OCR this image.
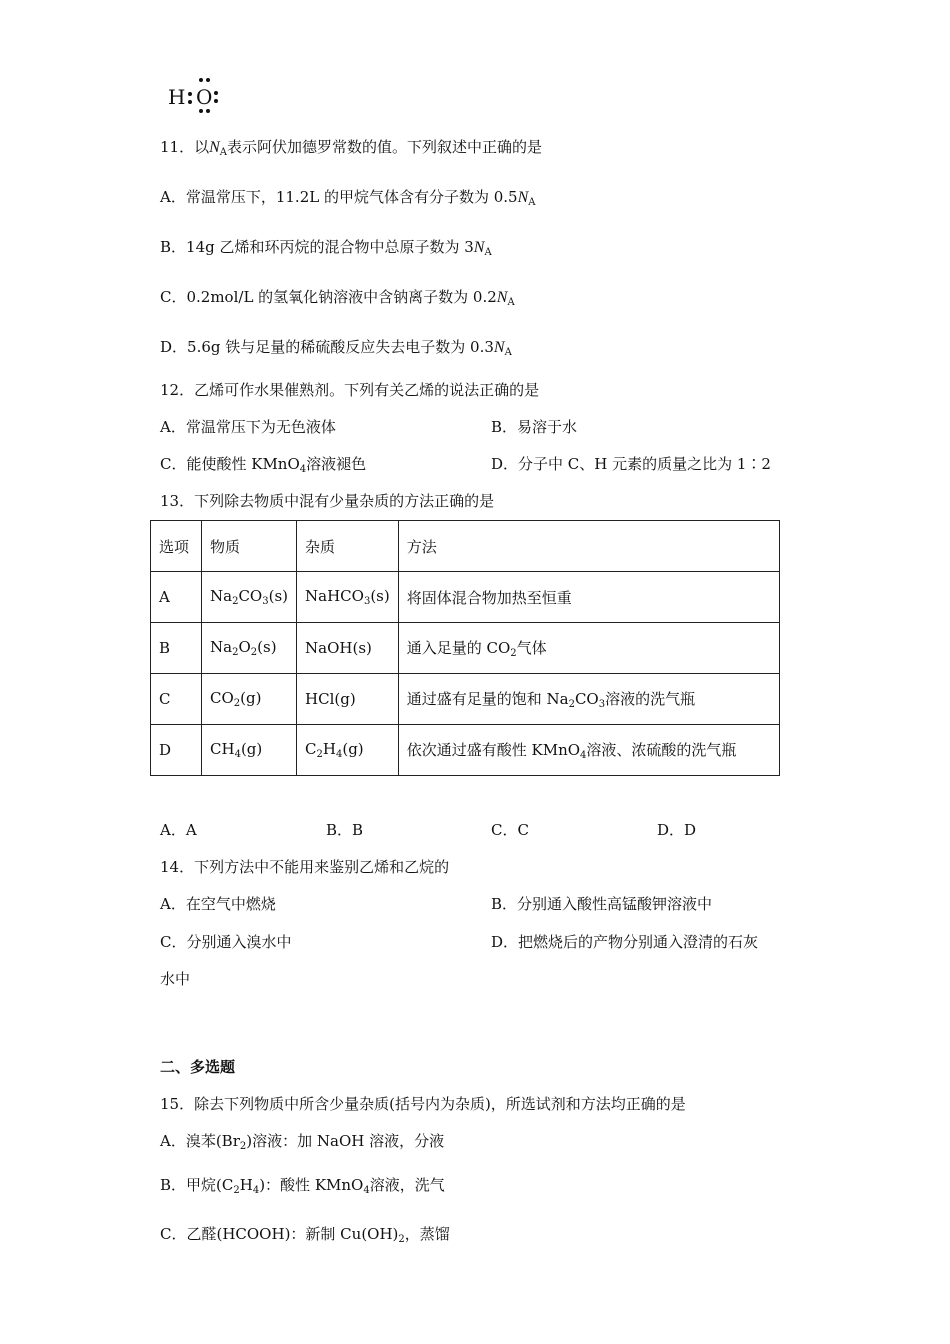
H O
11．以$N_A$表示阿伏加德罗常数的值。下列叙述中正确的是
A．常温常压下，11.2L 的甲烷气体含有分子数为 $0.5N_A$
B．14g 乙烯和环丙烷的混合物中总原子数为 $3N_A$
C．0.2mol/L 的氢氧化钠溶液中含钠离子数为 $0.2N_A$
D．5.6g 铁与足量的稀硫酸反应失去电子数为 $0.3N_A$
12．乙烯可作水果催熟剂。下列有关乙烯的说法正确的是
A．常温常压下为无色液体	B．易溶于水
C．能使酸性 KMnO$_4$溶液褪色	D．分子中 C、H 元素的质量之比为 1∶2
13．下列除去物质中混有少量杂质的方法正确的是
选项	物质	杂质	方法
A	$Na_2CO_3(s)$	NaHCO$_3$(s)	将固体混合物加热至恒重
B	$Na_2O_2(s)$	NaOH(s)	通入足量的 $CO_2$气体
C	$CO_2(g)$	HCl(g)	通过盛有足量的饱和 $Na_2CO_3$溶液的洗气瓶
D	$CH_4(g)$	$C_2H_4(g)$	依次通过盛有酸性 KMnO$_4$溶液、浓硫酸的洗气瓶
A．A	B．B	C．C	D．D
14．下列方法中不能用来鉴别乙烯和乙烷的
A．在空气中燃烧	B．分别通入酸性高锰酸钾溶液中
C．分别通入溴水中	D．把燃烧后的产物分别通入澄清的石灰
水中
二、多选题
15．除去下列物质中所含少量杂质(括号内为杂质)，所选试剂和方法均正确的是
A．溴苯$(Br_2)$溶液：加 NaOH 溶液，分液
B．甲烷$(C_2H_4)$：酸性 KMnO$_4$溶液，洗气
C．乙醛(HCOOH)：新制 $Cu(OH)_2$，蒸馏
